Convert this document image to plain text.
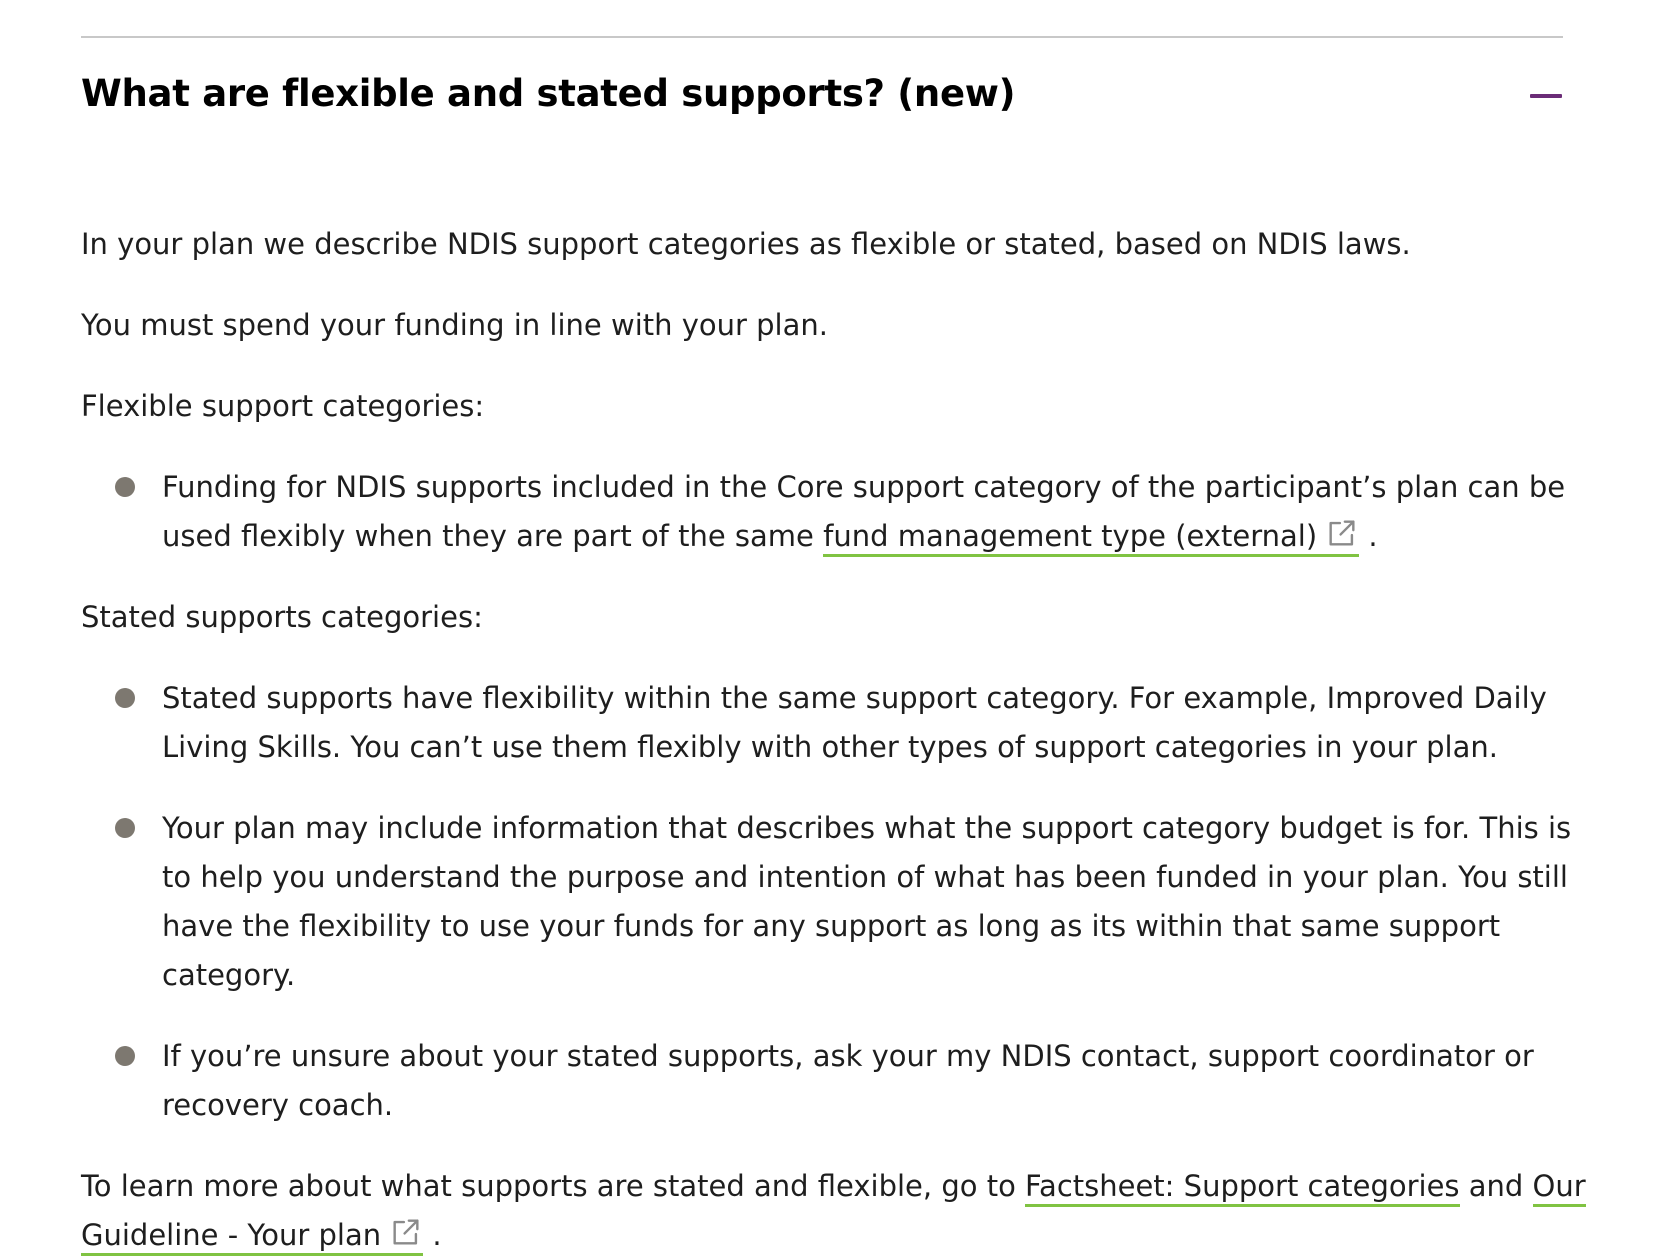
What are flexible and stated supports? (new)

In your plan we describe NDIS support categories as flexible or stated, based on NDIS laws.

You must spend your funding in line with your plan.

Flexible support categories:

Funding for NDIS supports included in the Core support category of the participant’s plan can be
used flexibly when they are part of the same fund management type (external)
.

Stated supports categories:

Stated supports have flexibility within the same support category. For example, Improved Daily
Living Skills. You can’t use them flexibly with other types of support categories in your plan.
Your plan may include information that describes what the support category budget is for. This is
to help you understand the purpose and intention of what has been funded in your plan. You still
have the flexibility to use your funds for any support as long as its within that same support
category.
If you’re unsure about your stated supports, ask your my NDIS contact, support coordinator or
recovery coach.

To learn more about what supports are stated and flexible, go to Factsheet: Support categories and Our

Guideline - Your plan
.
